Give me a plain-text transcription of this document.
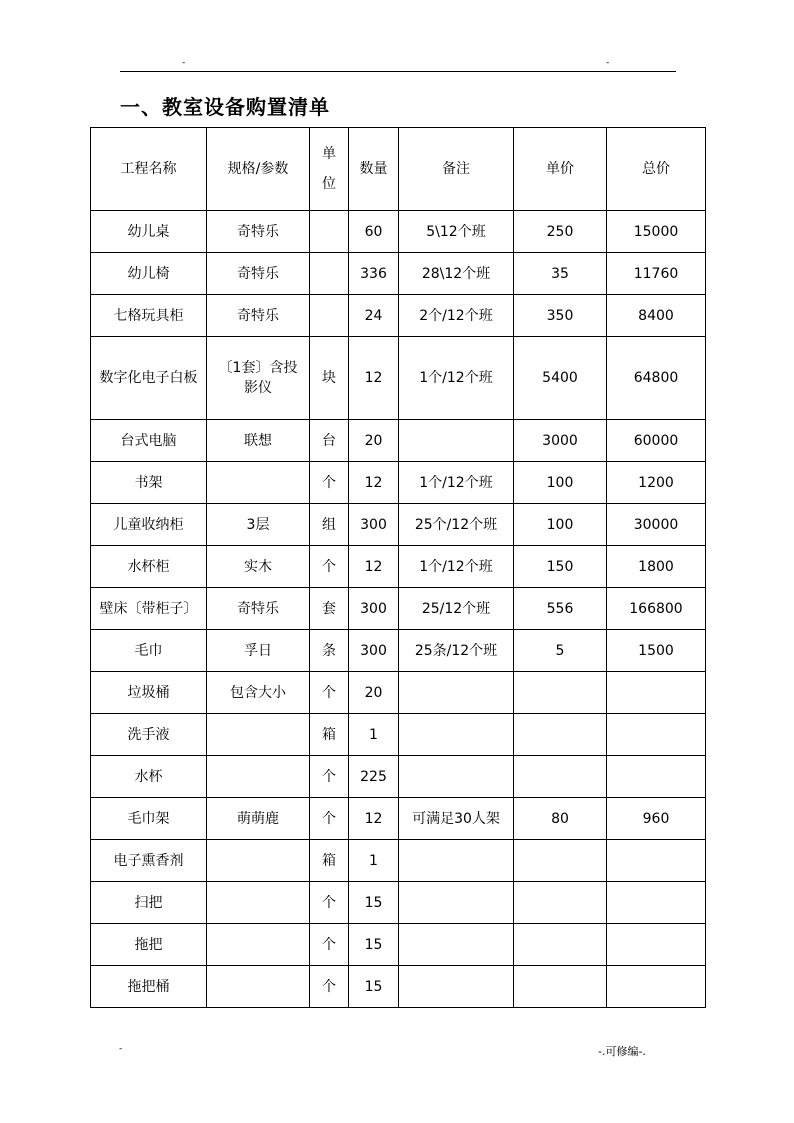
-	-
一、教室设备购置清单
工程名称	规格/参数	单位	数量	备注	单价	总价
幼儿桌	奇特乐		60	5\12个班	250	15000
幼儿椅	奇特乐		336	28\12个班	35	11760
七格玩具柜	奇特乐		24	2个/12个班	350	8400
数字化电子白板	〔1套〕含投影仪	块	12	1个/12个班	5400	64800
台式电脑	联想	台	20		3000	60000
书架		个	12	1个/12个班	100	1200
儿童收纳柜	3层	组	300	25个/12个班	100	30000
水杯柜	实木	个	12	1个/12个班	150	1800
壁床〔带柜子〕	奇特乐	套	300	25/12个班	556	166800
毛巾	孚日	条	300	25条/12个班	5	1500
垃圾桶	包含大小	个	20			
洗手液		箱	1			
水杯		个	225			
毛巾架	萌萌鹿	个	12	可满足30人架	80	960
电子熏香剂		箱	1			
扫把		个	15			
拖把		个	15			
拖把桶		个	15			
-	-.可修编-.
